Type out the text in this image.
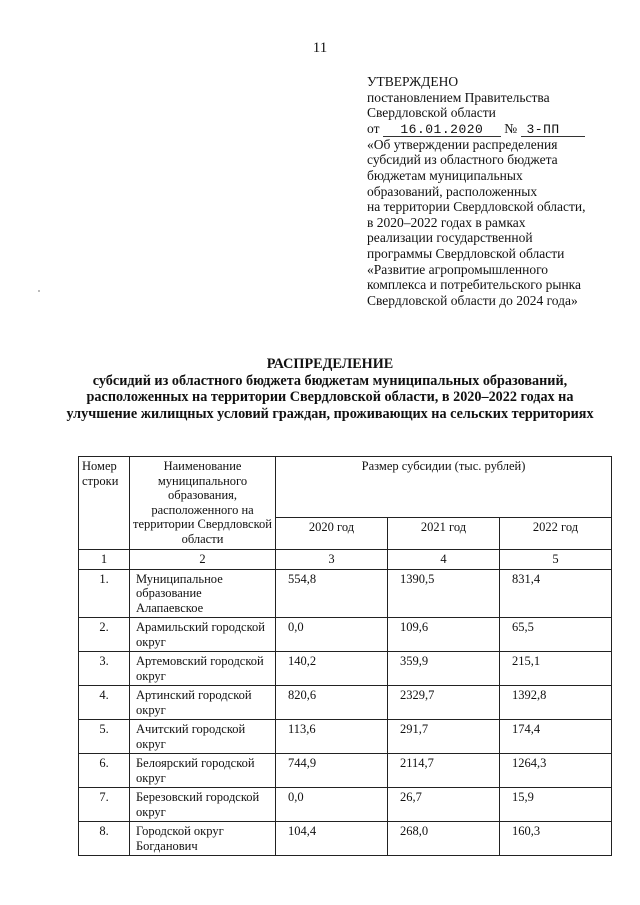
11
УТВЕРЖДЕНО
постановлением Правительства
Свердловской области
от 16.01.2020 № 3-ПП
«Об утверждении распределения
субсидий из областного бюджета
бюджетам муниципальных
образований, расположенных
на территории Свердловской области,
в 2020–2022 годах в рамках
реализации государственной
программы Свердловской области
«Развитие агропромышленного
комплекса и потребительского рынка
Свердловской области до 2024 года»
РАСПРЕДЕЛЕНИЕ
субсидий из областного бюджета бюджетам муниципальных образований, расположенных на территории Свердловской области, в 2020–2022 годах на улучшение жилищных условий граждан, проживающих на сельских территориях
Номер строки	Наименование муниципального образования, расположенного на территории Свердловской области	Размер субсидии (тыс. рублей)		
		2020 год	2021 год	2022 год
1	2	3	4	5
1.	Муниципальное образование Алапаевское	554,8	1390,5	831,4
2.	Арамильский городской округ	0,0	109,6	65,5
3.	Артемовский городской округ	140,2	359,9	215,1
4.	Артинский городской округ	820,6	2329,7	1392,8
5.	Ачитский городской округ	113,6	291,7	174,4
6.	Белоярский городской округ	744,9	2114,7	1264,3
7.	Березовский городской округ	0,0	26,7	15,9
8.	Городской округ Богданович	104,4	268,0	160,3
